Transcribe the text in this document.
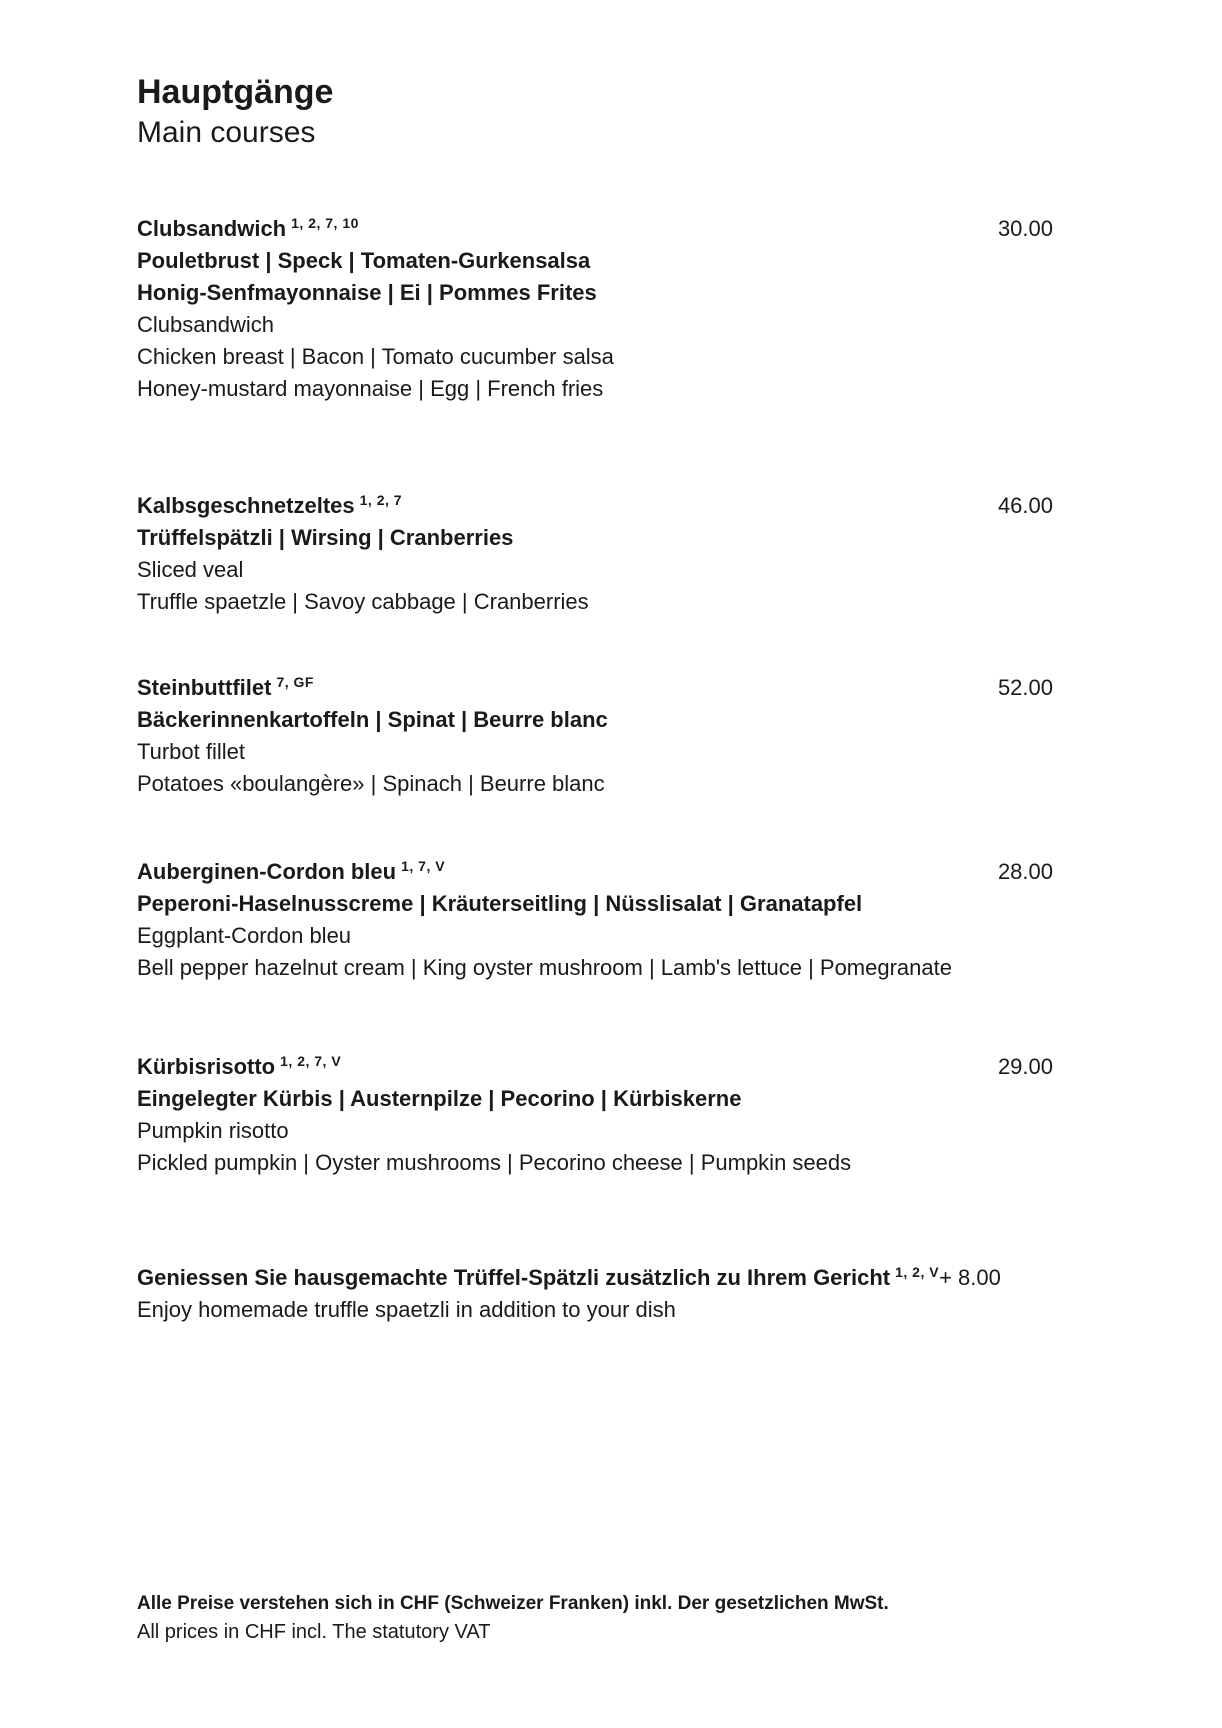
Hauptgänge
Main courses
Clubsandwich $^{1, 2, 7, 10}$	30.00
Pouletbrust | Speck | Tomaten-Gurkensalsa
Honig-Senfmayonnaise | Ei | Pommes Frites
Clubsandwich
Chicken breast | Bacon | Tomato cucumber salsa
Honey-mustard mayonnaise | Egg | French fries
Kalbsgeschnetzeltes $^{1, 2, 7}$	46.00
Trüffelspätzli | Wirsing | Cranberries
Sliced veal
Truffle spaetzle | Savoy cabbage | Cranberries
Steinbuttfilet $^{7, GF}$	52.00
Bäckerinnenkartoffeln | Spinat | Beurre blanc
Turbot fillet
Potatoes «boulangère» | Spinach | Beurre blanc
Auberginen-Cordon bleu $^{1, 7, V}$	28.00
Peperoni-Haselnusscreme | Kräuterseitling | Nüsslisalat | Granatapfel
Eggplant-Cordon bleu
Bell pepper hazelnut cream | King oyster mushroom | Lamb's lettuce | Pomegranate
Kürbisrisotto $^{1, 2, 7, V}$	29.00
Eingelegter Kürbis | Austernpilze | Pecorino | Kürbiskerne
Pumpkin risotto
Pickled pumpkin | Oyster mushrooms | Pecorino cheese | Pumpkin seeds
Geniessen Sie hausgemachte Trüffel-Spätzli zusätzlich zu Ihrem Gericht $^{1, 2, V}$+ 8.00
Enjoy homemade truffle spaetzli in addition to your dish
Alle Preise verstehen sich in CHF (Schweizer Franken) inkl. Der gesetzlichen MwSt.
All prices in CHF incl. The statutory VAT
